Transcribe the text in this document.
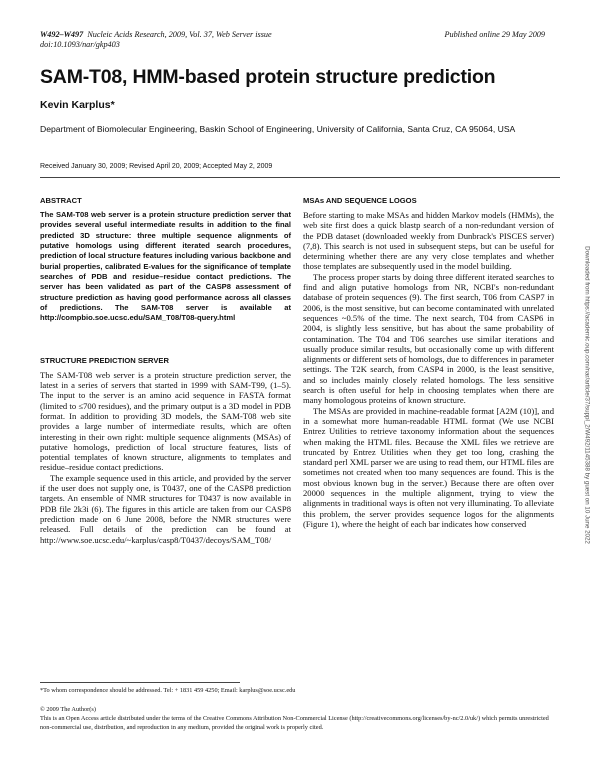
W492–W497 Nucleic Acids Research, 2009, Vol. 37, Web Server issue
doi:10.1093/nar/gkp403
Published online 29 May 2009
SAM-T08, HMM-based protein structure prediction
Kevin Karplus*
Department of Biomolecular Engineering, Baskin School of Engineering, University of California, Santa Cruz, CA 95064, USA
Received January 30, 2009; Revised April 20, 2009; Accepted May 2, 2009
ABSTRACT

The SAM-T08 web server is a protein structure prediction server that provides several useful intermediate results in addition to the final predicted 3D structure: three multiple sequence alignments of putative homologs using different iterated search procedures, prediction of local structure features including various backbone and burial properties, calibrated E-values for the significance of template searches of PDB and residue–residue contact predictions. The server has been validated as part of the CASP8 assessment of structure prediction as having good performance across all classes of predictions. The SAM-T08 server is available at http://compbio.soe.ucsc.edu/SAM_T08/T08-query.html

STRUCTURE PREDICTION SERVER

The SAM-T08 web server is a protein structure prediction server, the latest in a series of servers that started in 1999 with SAM-T99, (1–5). The input to the server is an amino acid sequence in FASTA format (limited to ≤700 residues), and the primary output is a 3D model in PDB format. In addition to providing 3D models, the SAM-T08 web site provides a large number of intermediate results, which are often interesting in their own right: multiple sequence alignments (MSAs) of putative homologs, prediction of local structure features, lists of potential templates of known structure, alignments to templates and residue–residue contact predictions.

The example sequence used in this article, and provided by the server if the user does not supply one, is T0437, one of the CASP8 prediction targets. An ensemble of NMR structures for T0437 is now available in PDB file 2k3i (6). The figures in this article are taken from our CASP8 prediction made on 6 June 2008, before the NMR structures were released. Full details of the prediction can be found at http://www.soe.ucsc.edu/~karplus/casp8/T0437/decoys/SAM_T08/

MSAs AND SEQUENCE LOGOS

Before starting to make MSAs and hidden Markov models (HMMs), the web site first does a quick blastp search of a non-redundant version of the PDB dataset (downloaded weekly from Dunbrack's PISCES server) (7,8). This search is not used in subsequent steps, but can be useful for determining whether there are any very close templates and whether those templates are subsequently used in the model building.

The process proper starts by doing three different iterated searches to find and align putative homologs from NR, NCBI's non-redundant database of protein sequences (9). The first search, T06 from CASP7 in 2006, is the most sensitive, but can become contaminated with unrelated sequences ~0.5% of the time. The next search, T04 from CASP6 in 2004, is slightly less sensitive, but has about the same probability of contamination. The T04 and T06 searches use similar iterations and usually produce similar results, but occasionally come up with different alignments or different sets of homologs, due to differences in parameter settings. The T2K search, from CASP4 in 2000, is the least sensitive, and so includes mainly closely related homologs. The less sensitive search is often useful for help in choosing templates when there are many homologous proteins of known structure.

The MSAs are provided in machine-readable format [A2M (10)], and in a somewhat more human-readable HTML format (We use NCBI Entrez Utilities to retrieve taxonomy information about the sequences when making the HTML files. Because the XML files we retrieve are truncated by Entrez Utilities when they get too long, crashing the standard perl XML parser we are using to read them, our HTML files are sometimes not created when too many sequences are found. This is the most obvious known bug in the server.) Because there are often over 20000 sequences in the multiple alignment, trying to view the alignments in traditional ways is often not very illuminating. To alleviate this problem, the server provides sequence logos for the alignments (Figure 1), where the height of each bar indicates how conserved

*To whom correspondence should be addressed. Tel: + 1831 459 4250; Email: karplus@soe.ucsc.edu
© 2009 The Author(s)
This is an Open Access article distributed under the terms of the Creative Commons Attribution Non-Commercial License (http://creativecommons.org/licenses/by-nc/2.0/uk/) which permits unrestricted non-commercial use, distribution, and reproduction in any medium, provided the original work is properly cited.
Downloaded from https://academic.oup.com/nar/article/37/suppl_2/W492/1145388 by guest on 10 June 2022
